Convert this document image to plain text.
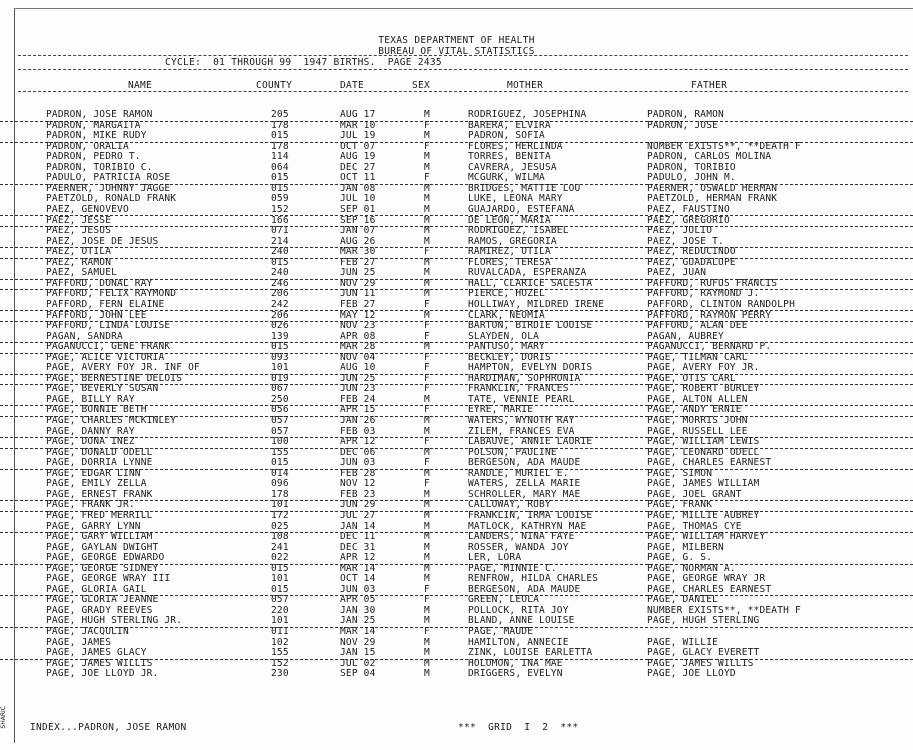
TEXAS DEPARTMENT OF HEALTH
BUREAU OF VITAL STATISTICS
CYCLE:  01 THROUGH 99  1947 BIRTHS.  PAGE 2435
NAME	COUNTY	DATE	SEX	MOTHER	FATHER
PADRON, JOSE RAMON	205	AUG 17	M	RODRIGUEZ, JOSEPHINA	PADRON, RAMON
PADRON, MARGAITA	178	MAR 10	F	BARERA, ELVIRA	PADRON, JOSE
PADRON, MIKE RUDY	015	JUL 19	M	PADRON, SOFIA
PADRON, ORALIA	178	OCT 07	F	FLORES, HERLINDA	NUMBER EXISTS**, **DEATH F
PADRON, PEDRO T.	114	AUG 19	M	TORRES, BENITA	PADRON, CARLOS MOLINA
PADRON, TORIBIO C.	064	DEC 27	M	CAVRERA, JESUSA	PADRON, TORIBIO
PADULO, PATRICIA ROSE	015	OCT 11	F	MCGURK, WILMA	PADULO, JOHN M.
PAERNER, JOHNNY JAGGE	015	JAN 08	M	BRIDGES, MATTIE LOU	PAERNER, OSWALD HERMAN
PAETZOLD, RONALD FRANK	059	JUL 10	M	LUKE, LEONA MARY	PAETZOLD, HERMAN FRANK
PAEZ, GENOVEVO	152	SEP 01	M	GUAJARDO, ESTEFANA	PAEZ, FAUSTINO
PAEZ, JESSE	166	SEP 16	M	DE LEON, MARIA	PAEZ, GREGORIO
PAEZ, JESUS	071	JAN 07	M	RODRIGUEZ, ISABEL	PAEZ, JULIO
PAEZ, JOSE DE JESUS	214	AUG 26	M	RAMOS, GREGORIA	PAEZ, JOSE T.
PAEZ, OTILA	240	MAR 30	F	RAMIREZ, OTILA	PAEZ, REDUCINDO
PAEZ, RAMON	015	FEB 27	M	FLORES, TERESA	PAEZ, GUADALUPE
PAEZ, SAMUEL	240	JUN 25	M	RUVALCADA, ESPERANZA	PAEZ, JUAN
PAFFORD, DONAL RAY	246	NOV 29	M	HALL, CLARICE SALESTA	PAFFORD, RUFUS FRANCIS
PAFFORD, FELIX RAYMOND	206	JUN 11	M	PIERCE, HOZEL	PAFFORD, RAYMOND J.
PAFFORD, FERN ELAINE	242	FEB 27	F	HOLLIWAY, MILDRED IRENE	PAFFORD, CLINTON RANDOLPH
PAFFORD, JOHN LEE	206	MAY 12	M	CLARK, NEOMIA	PAFFORD, RAYMON PERRY
PAFFORD, LINDA LOUISE	026	NOV 23	F	BARTON, BIRDIE LOUISE	PAFFORD, ALAN DEE
PAGAN, SANDRA	139	APR 08	F	SLAYDEN, OLA	PAGAN, AUBREY
PAGANUCCI, GENE FRANK	015	MAR 28	M	PANTUSO, MARY	PAGANUCCI, BERNARD P.
PAGE, ALICE VICTORIA	093	NOV 04	F	BECKLEY, DORIS	PAGE, TILMAN CARL
PAGE, AVERY FOY JR. INF OF	101	AUG 10	F	HAMPTON, EVELYN DORIS	PAGE, AVERY FOY JR.
PAGE, BERNESTINE DELOIS	019	JUN 25	F	HARDIMAN, SOPHRONIA	PAGE, OTIS CARL
PAGE, BEVERLY SUSAN	067	JUN 23	F	FRANKLIN, FRANCES	PAGE, ROBERT BURLEY
PAGE, BILLY RAY	250	FEB 24	M	TATE, VENNIE PEARL	PAGE, ALTON ALLEN
PAGE, BONNIE BETH	056	APR 15	F	EYRE, MARIE	PAGE, ANDY ERNIE
PAGE, CHARLES MCKINLEY	057	JAN 26	M	WATERS, WYNOTH RAY	PAGE, MORRIS JOHN
PAGE, DANNY RAY	057	FEB 03	M	ZILEM, FRANCES EVA	PAGE, RUSSELL LEE
PAGE, DONA INEZ	100	APR 12	F	LABAUVE, ANNIE LAURIE	PAGE, WILLIAM LEWIS
PAGE, DONALD ODELL	155	DEC 06	M	POLSON, PAULINE	PAGE, LEONARD ODELL
PAGE, DORRIA LYNNE	015	JUN 03	F	BERGESON, ADA MAUDE	PAGE, CHARLES EARNEST
PAGE, EDGAR LINN	014	FEB 28	M	RANDLE, MURIEL E.	PAGE, SIMON
PAGE, EMILY ZELLA	096	NOV 12	F	WATERS, ZELLA MARIE	PAGE, JAMES WILLIAM
PAGE, ERNEST FRANK	178	FEB 23	M	SCHROLLER, MARY MAE	PAGE, JOEL GRANT
PAGE, FRANK JR.	101	JUN 29	M	CALLOWAY, RUBY	PAGE, FRANK
PAGE, FRED MERRILL	172	JUL 27	M	FRANKLIN, IRMA LOUISE	PAGE, MILLIE AUBREY
PAGE, GARRY LYNN	025	JAN 14	M	MATLOCK, KATHRYN MAE	PAGE, THOMAS CYE
PAGE, GARY WILLIAM	108	DEC 11	M	LANDERS, NINA FAYE	PAGE, WILLIAM HARVEY
PAGE, GAYLAN DWIGHT	241	DEC 31	M	ROSSER, WANDA JOY	PAGE, MILBERN
PAGE, GEORGE EDWARDO	022	APR 12	M	LER, LORA	PAGE, G. S.
PAGE, GEORGE SIDNEY	015	MAR 14	M	PAGE, MINNIE C.	PAGE, NORMAN A.
PAGE, GEORGE WRAY III	101	OCT 14	M	RENFROW, HILDA CHARLES	PAGE, GEORGE WRAY JR
PAGE, GLORIA GAIL	015	JUN 03	F	BERGESON, ADA MAUDE	PAGE, CHARLES EARNEST
PAGE, GLORIA JEANNE	057	APR 05	F	GREEN, LEOLA	PAGE, DANIEL
PAGE, GRADY REEVES	220	JAN 30	M	POLLOCK, RITA JOY	NUMBER EXISTS**, **DEATH F
PAGE, HUGH STERLING JR.	101	JAN 25	M	BLAND, ANNE LOUISE	PAGE, HUGH STERLING
PAGE, JACQULIN	011	MAR 14	F	PAGE, MAUDE
PAGE, JAMES	102	NOV 29	M	HAMILTON, ANNECIE	PAGE, WILLIE
PAGE, JAMES GLACY	155	JAN 15	M	ZINK, LOUISE EARLETTA	PAGE, GLACY EVERETT
PAGE, JAMES WILLIS	152	JUL 02	M	HOLOMON, INA MAE	PAGE, JAMES WILLIS
PAGE, JOE LLOYD JR.	230	SEP 04	M	DRIGGERS, EVELYN	PAGE, JOE LLOYD
INDEX...PADRON, JOSE RAMON	***  GRID  I  2  ***
SHARIC
